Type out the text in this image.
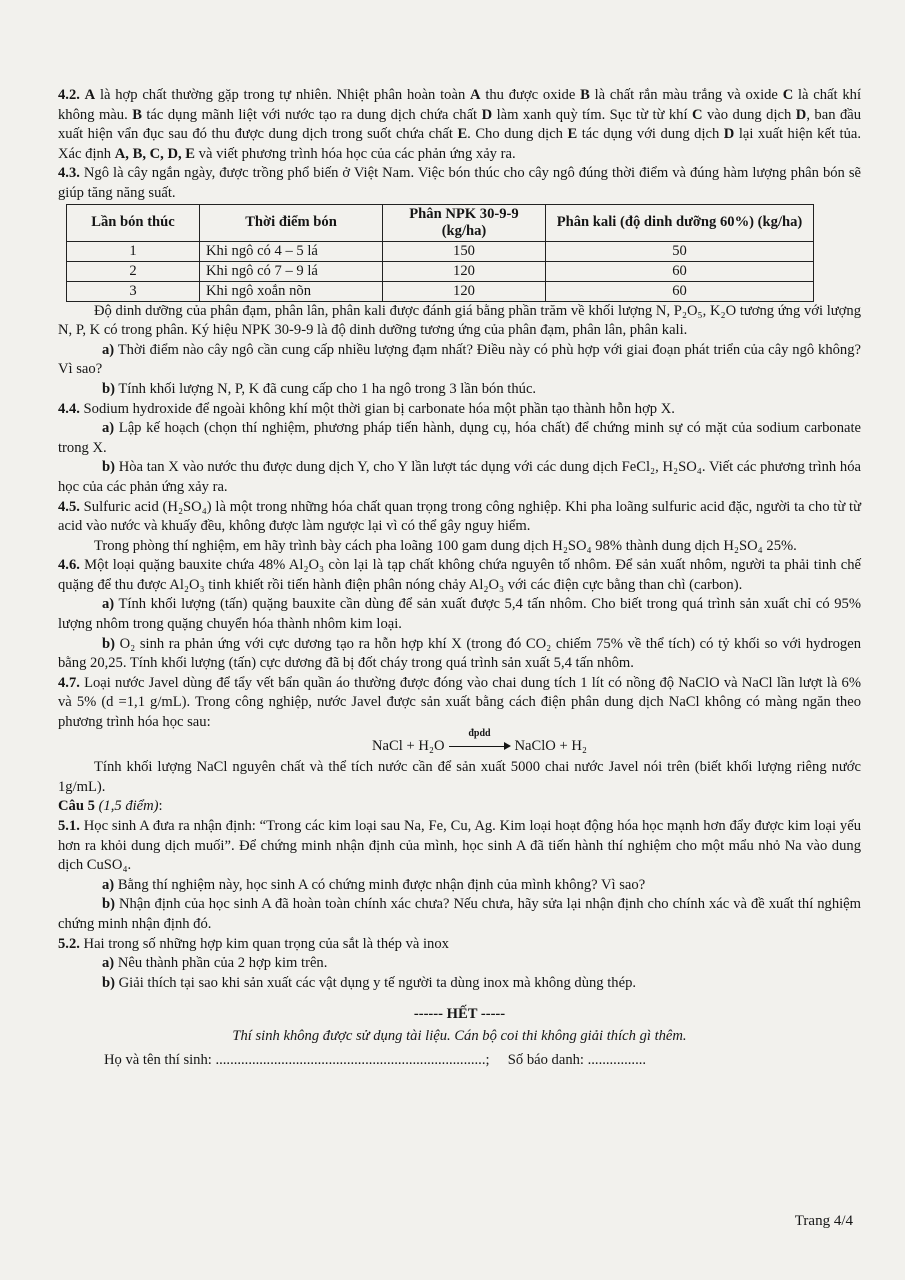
4.2. A là hợp chất thường gặp trong tự nhiên. Nhiệt phân hoàn toàn A thu được oxide B là chất rắn màu trắng và oxide C là chất khí không màu. B tác dụng mãnh liệt với nước tạo ra dung dịch chứa chất D làm xanh quỳ tím. Sục từ từ khí C vào dung dịch D, ban đầu xuất hiện vẩn đục sau đó thu được dung dịch trong suốt chứa chất E. Cho dung dịch E tác dụng với dung dịch D lại xuất hiện kết tủa. Xác định A, B, C, D, E và viết phương trình hóa học của các phản ứng xảy ra.

4.3. Ngô là cây ngắn ngày, được trồng phổ biến ở Việt Nam. Việc bón thúc cho cây ngô đúng thời điểm và đúng hàm lượng phân bón sẽ giúp tăng năng suất.

Lần bón thúc	Thời điểm bón	Phân NPK 30-9-9 (kg/ha)	Phân kali (độ dinh dưỡng 60%) (kg/ha)
1	Khi ngô có 4 – 5 lá	150	50
2	Khi ngô có 7 – 9 lá	120	60
3	Khi ngô xoắn nõn	120	60

Độ dinh dưỡng của phân đạm, phân lân, phân kali được đánh giá bằng phần trăm về khối lượng N, P₂O₅, K₂O tương ứng với lượng N, P, K có trong phân. Ký hiệu NPK 30-9-9 là độ dinh dưỡng tương ứng của phân đạm, phân lân, phân kali.

a) Thời điểm nào cây ngô cần cung cấp nhiều lượng đạm nhất? Điều này có phù hợp với giai đoạn phát triển của cây ngô không? Vì sao?

b) Tính khối lượng N, P, K đã cung cấp cho 1 ha ngô trong 3 lần bón thúc.

4.4. Sodium hydroxide để ngoài không khí một thời gian bị carbonate hóa một phần tạo thành hỗn hợp X.

a) Lập kế hoạch (chọn thí nghiệm, phương pháp tiến hành, dụng cụ, hóa chất) để chứng minh sự có mặt của sodium carbonate trong X.

b) Hòa tan X vào nước thu được dung dịch Y, cho Y lần lượt tác dụng với các dung dịch FeCl₂, H₂SO₄. Viết các phương trình hóa học của các phản ứng xảy ra.

4.5. Sulfuric acid (H₂SO₄) là một trong những hóa chất quan trọng trong công nghiệp. Khi pha loãng sulfuric acid đặc, người ta cho từ từ acid vào nước và khuấy đều, không được làm ngược lại vì có thể gây nguy hiểm.

Trong phòng thí nghiệm, em hãy trình bày cách pha loãng 100 gam dung dịch H₂SO₄ 98% thành dung dịch H₂SO₄ 25%.

4.6. Một loại quặng bauxite chứa 48% Al₂O₃ còn lại là tạp chất không chứa nguyên tố nhôm. Để sản xuất nhôm, người ta phải tinh chế quặng để thu được Al₂O₃ tinh khiết rồi tiến hành điện phân nóng chảy Al₂O₃ với các điện cực bằng than chì (carbon).

a) Tính khối lượng (tấn) quặng bauxite cần dùng để sản xuất được 5,4 tấn nhôm. Cho biết trong quá trình sản xuất chỉ có 95% lượng nhôm trong quặng chuyển hóa thành nhôm kim loại.

b) O₂ sinh ra phản ứng với cực dương tạo ra hỗn hợp khí X (trong đó CO₂ chiếm 75% về thể tích) có tỷ khối so với hydrogen bằng 20,25. Tính khối lượng (tấn) cực dương đã bị đốt cháy trong quá trình sản xuất 5,4 tấn nhôm.

4.7. Loại nước Javel dùng để tẩy vết bẩn quần áo thường được đóng vào chai dung tích 1 lít có nồng độ NaClO và NaCl lần lượt là 6% và 5% (d =1,1 g/mL). Trong công nghiệp, nước Javel được sản xuất bằng cách điện phân dung dịch NaCl không có màng ngăn theo phương trình hóa học sau:

NaCl + H₂O
đpdd
NaClO + H₂

Tính khối lượng NaCl nguyên chất và thể tích nước cần để sản xuất 5000 chai nước Javel nói trên (biết khối lượng riêng nước 1g/mL).

Câu 5 (1,5 điểm):

5.1. Học sinh A đưa ra nhận định: “Trong các kim loại sau Na, Fe, Cu, Ag. Kim loại hoạt động hóa học mạnh hơn đẩy được kim loại yếu hơn ra khỏi dung dịch muối”. Để chứng minh nhận định của mình, học sinh A đã tiến hành thí nghiệm cho một mẩu nhỏ Na vào dung dịch CuSO₄.

a) Bằng thí nghiệm này, học sinh A có chứng minh được nhận định của mình không? Vì sao?

b) Nhận định của học sinh A đã hoàn toàn chính xác chưa? Nếu chưa, hãy sửa lại nhận định cho chính xác và đề xuất thí nghiệm chứng minh nhận định đó.

5.2. Hai trong số những hợp kim quan trọng của sắt là thép và inox

a) Nêu thành phần của 2 hợp kim trên.

b) Giải thích tại sao khi sản xuất các vật dụng y tế người ta dùng inox mà không dùng thép.

------ HẾT -----
Thí sinh không được sử dụng tài liệu. Cán bộ coi thi không giải thích gì thêm.
Họ và tên thí sinh: ..........................................................................; Số báo danh: ................
Trang 4/4
